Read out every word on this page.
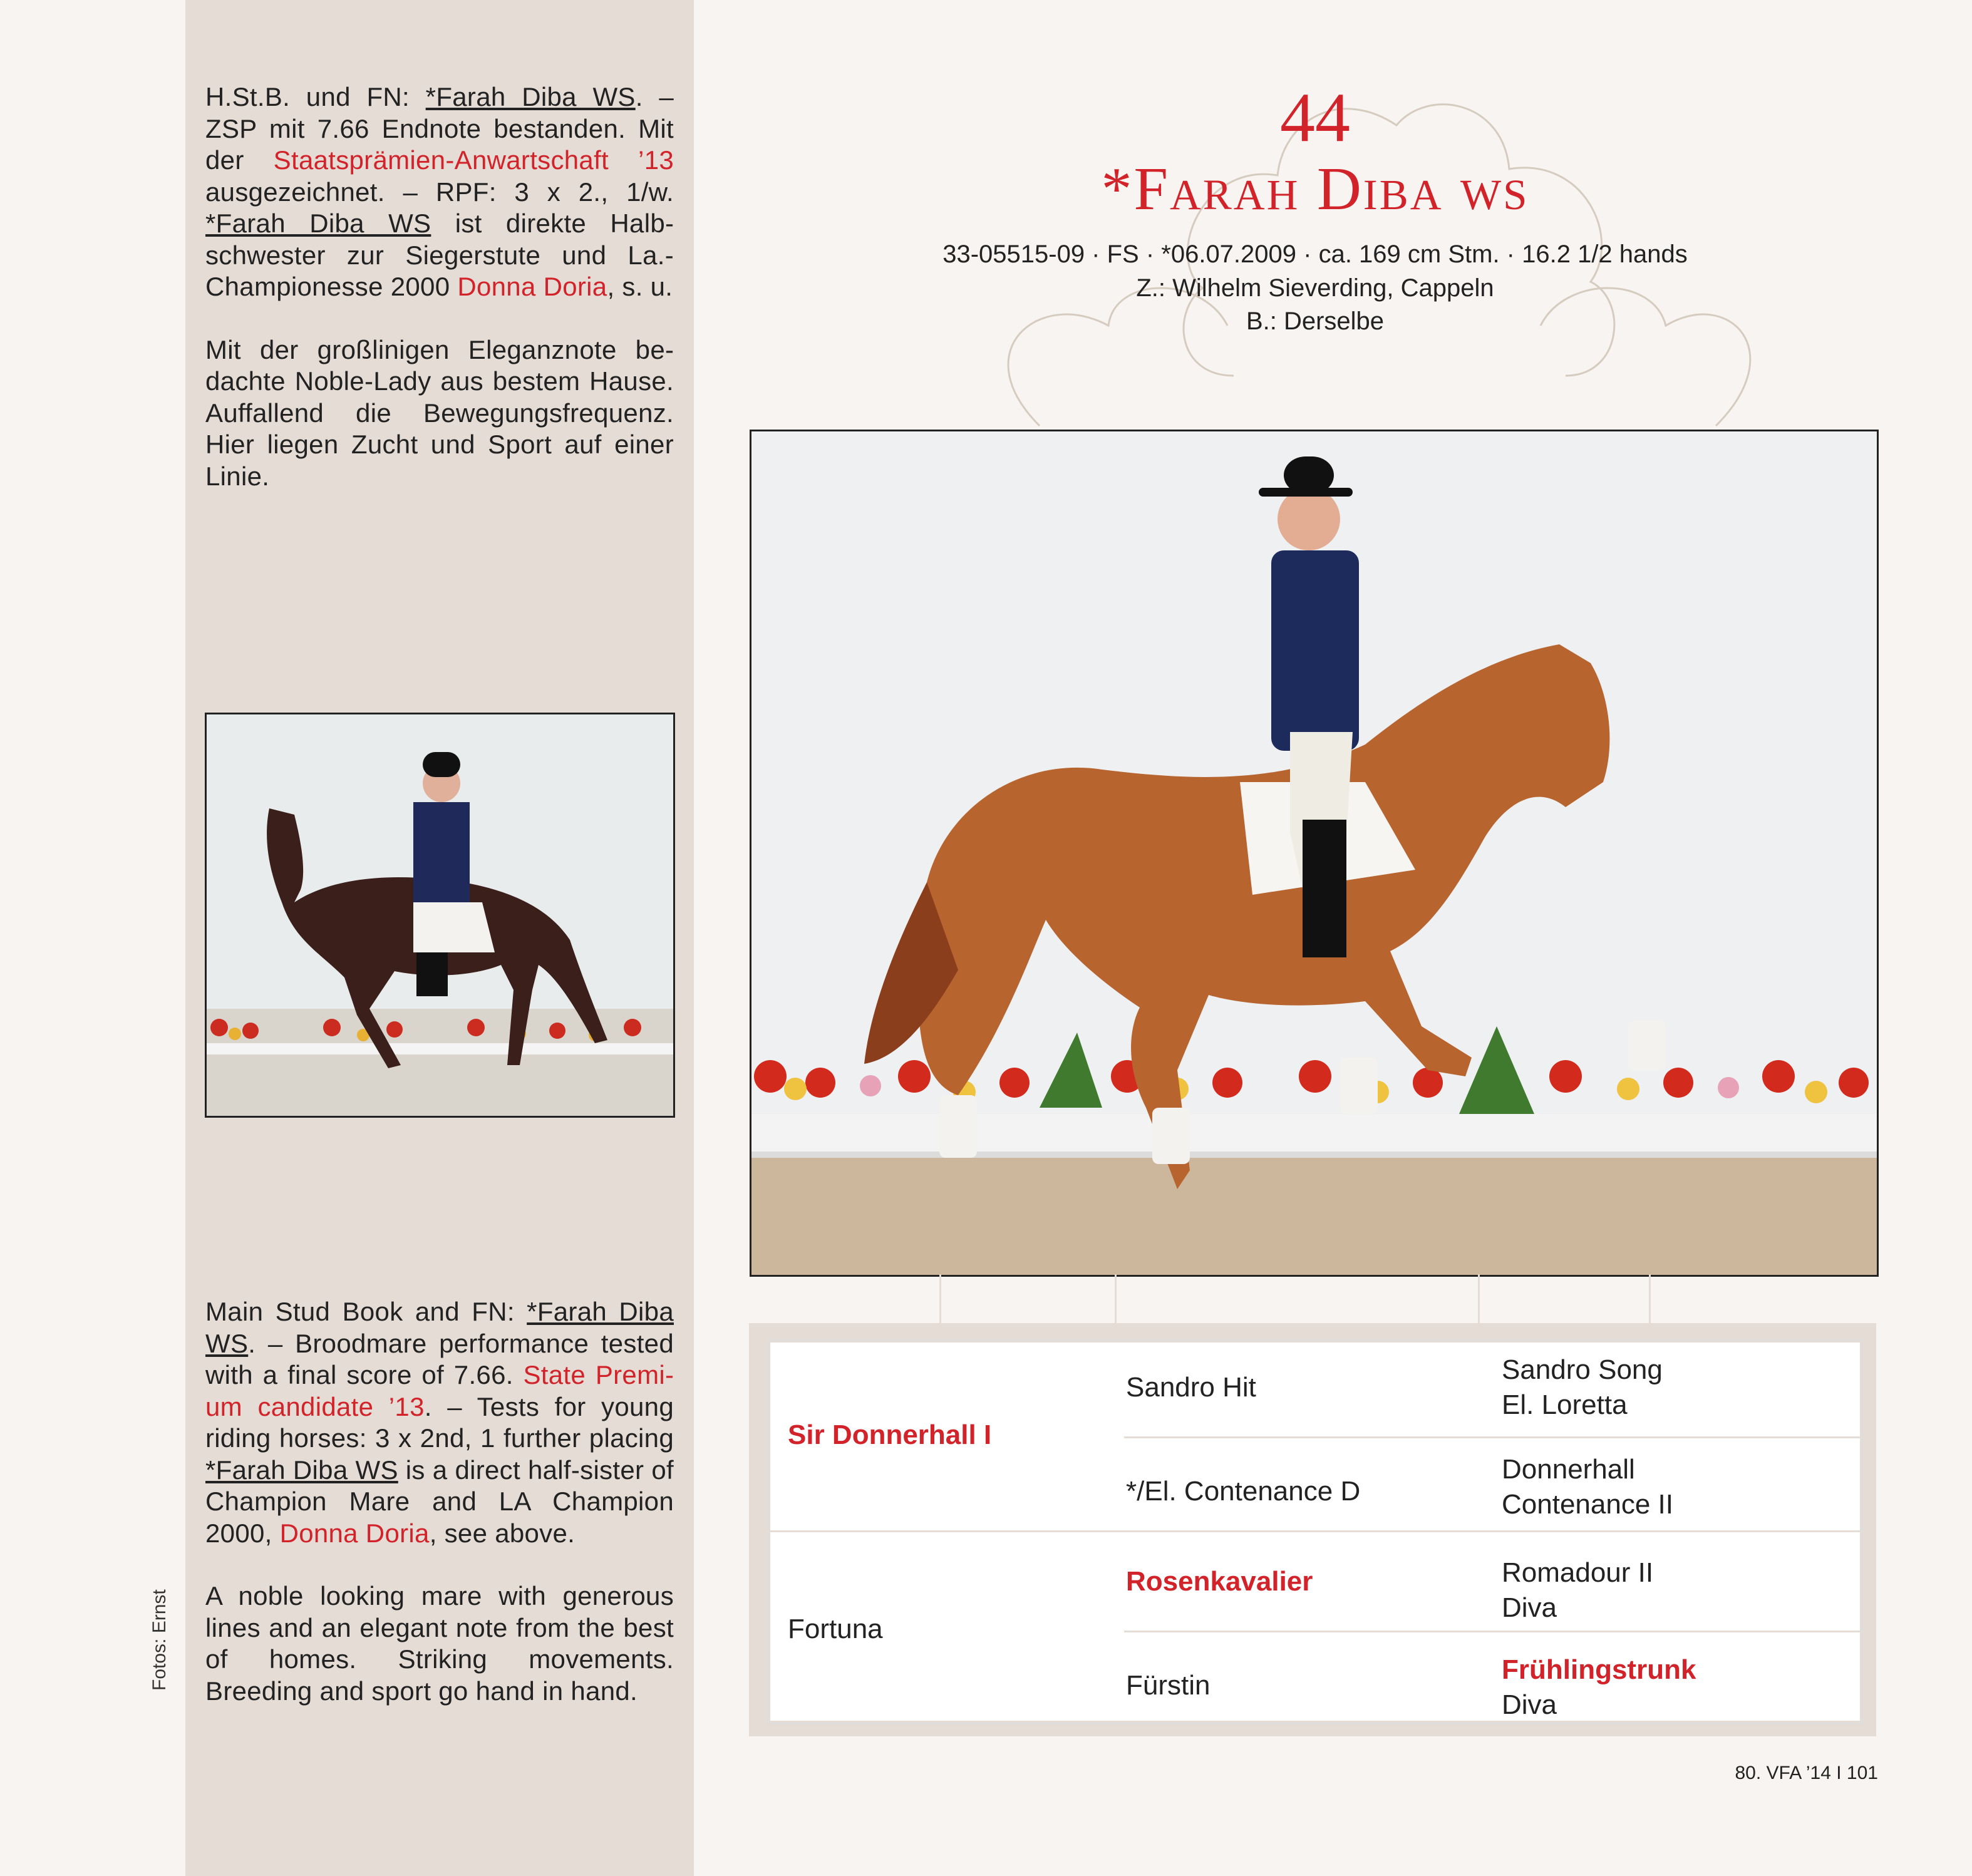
H.St.B. und FN: *Farah Diba WS. – ZSP mit 7.66 Endnote bestanden. Mit der Staatsprämien-Anwartschaft ’13 ausgezeichnet. – RPF: 3 x 2., 1/w. *Farah Diba WS ist direkte Halbschwester zur Siegerstute und La.-Championesse 2000 Donna Doria, s. u.

Mit der großlinigen Eleganznote bedachte Noble-Lady aus bestem Hause. Auffallend die Bewegungsfrequenz. Hier liegen Zucht und Sport auf einer Linie.

Main Stud Book and FN: *Farah Diba WS. – Broodmare performance tested with a final score of 7.66. State Premium candidate ’13. – Tests for young riding horses: 3 x 2nd, 1 further placing *Farah Diba WS is a direct half-sister of Champion Mare and LA Champion 2000, Donna Doria, see above.

A noble looking mare with generous lines and an elegant note from the best of homes. Striking movements. Breeding and sport go hand in hand.

Fotos: Ernst
44
*Farah Diba ws
33-05515-09 · FS · *06.07.2009 · ca. 169 cm Stm. · 16.2 1/2 hands
Z.: Wilhelm Sieverding, Cappeln
B.: Derselbe
Sir Donnerhall I
Fortuna
Sandro Hit
*/El. Contenance D
Rosenkavalier
Fürstin
Sandro Song
El. Loretta
Donnerhall
Contenance II
Romadour II
Diva
Frühlingstrunk
Diva
80. VFA ’14 I 101
